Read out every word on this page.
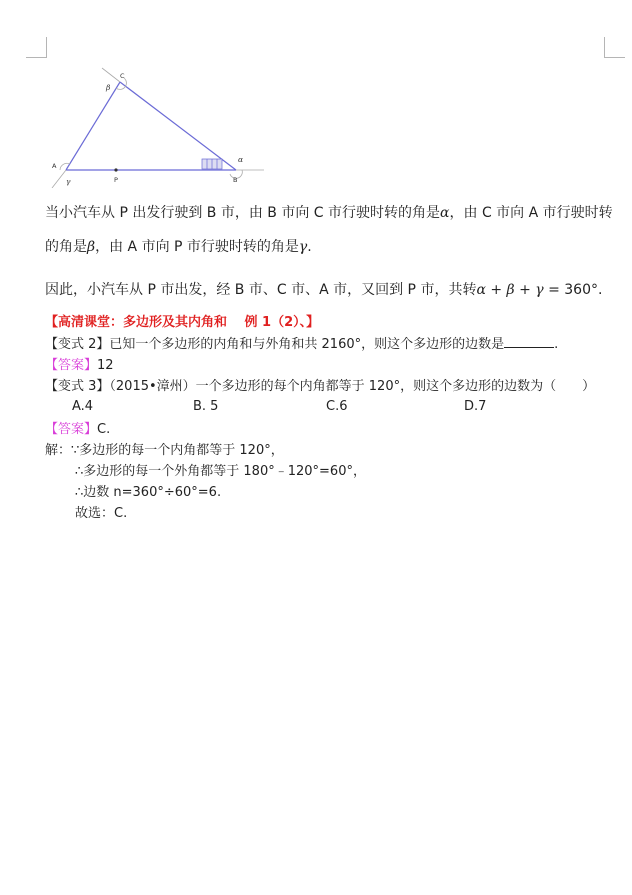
A
B
C
P
α
β
γ
当小汽车从 P 出发行驶到 B 市，由 B 市向 C 市行驶时转的角是α，由 C 市向 A 市行驶时转
的角是β，由 A 市向 P 市行驶时转的角是γ.
因此，小汽车从 P 市出发，经 B 市、C 市、A 市，又回到 P 市，共转α + β + γ = 360°.
【高清课堂：多边形及其内角和　 例 1（2）、】
【变式 2】已知一个多边形的内角和与外角和共 2160°，则这个多边形的边数是	.
【答案】12
【变式 3】（2015•漳州）一个多边形的每个内角都等于 120°，则这个多边形的边数为（　　）
A.4	B. 5	C.6	D.7
【答案】C.
解：∵多边形的每一个内角都等于 120°，
∴多边形的每一个外角都等于 180°﹣120°=60°，
∴边数 n=360°÷60°=6.
故选：C.
